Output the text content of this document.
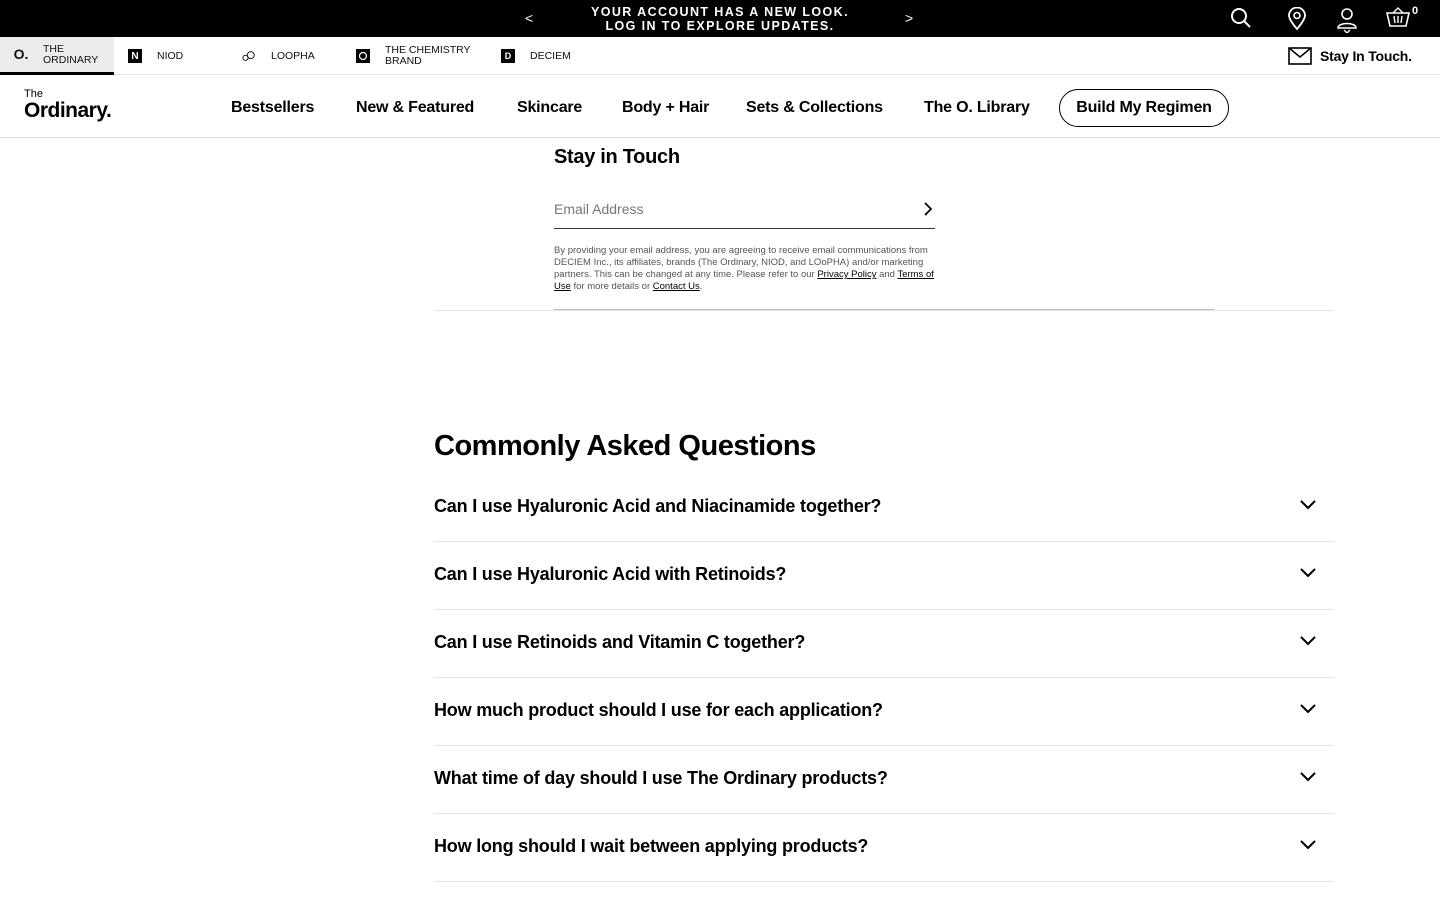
<	YOUR ACCOUNT HAS A NEW LOOK.
LOG IN TO EXPLORE UPDATES.	>	0
O. THE
ORDINARY	N	NIOD	LOOPHA	THE CHEMISTRY
BRAND	D	DECIEM	Stay In Touch.
The
Ordinary.	Bestsellers	New & Featured	Skincare Body + Hair Sets & Collections	The O. Library	Build My Regimen
Stay in Touch
Email Address
By providing your email address, you are agreeing to receive email communications from DECIEM Inc., its affiliates, brands (The Ordinary, NIOD, and LOoPHA) and/or marketing partners. This can be changed at any time. Please refer to our Privacy Policy and Terms of Use for more details or Contact Us.
Commonly Asked Questions
Can I use Hyaluronic Acid and Niacinamide together?
Can I use Hyaluronic Acid with Retinoids?
Can I use Retinoids and Vitamin C together?
How much product should I use for each application?
What time of day should I use The Ordinary products?
How long should I wait between applying products?
